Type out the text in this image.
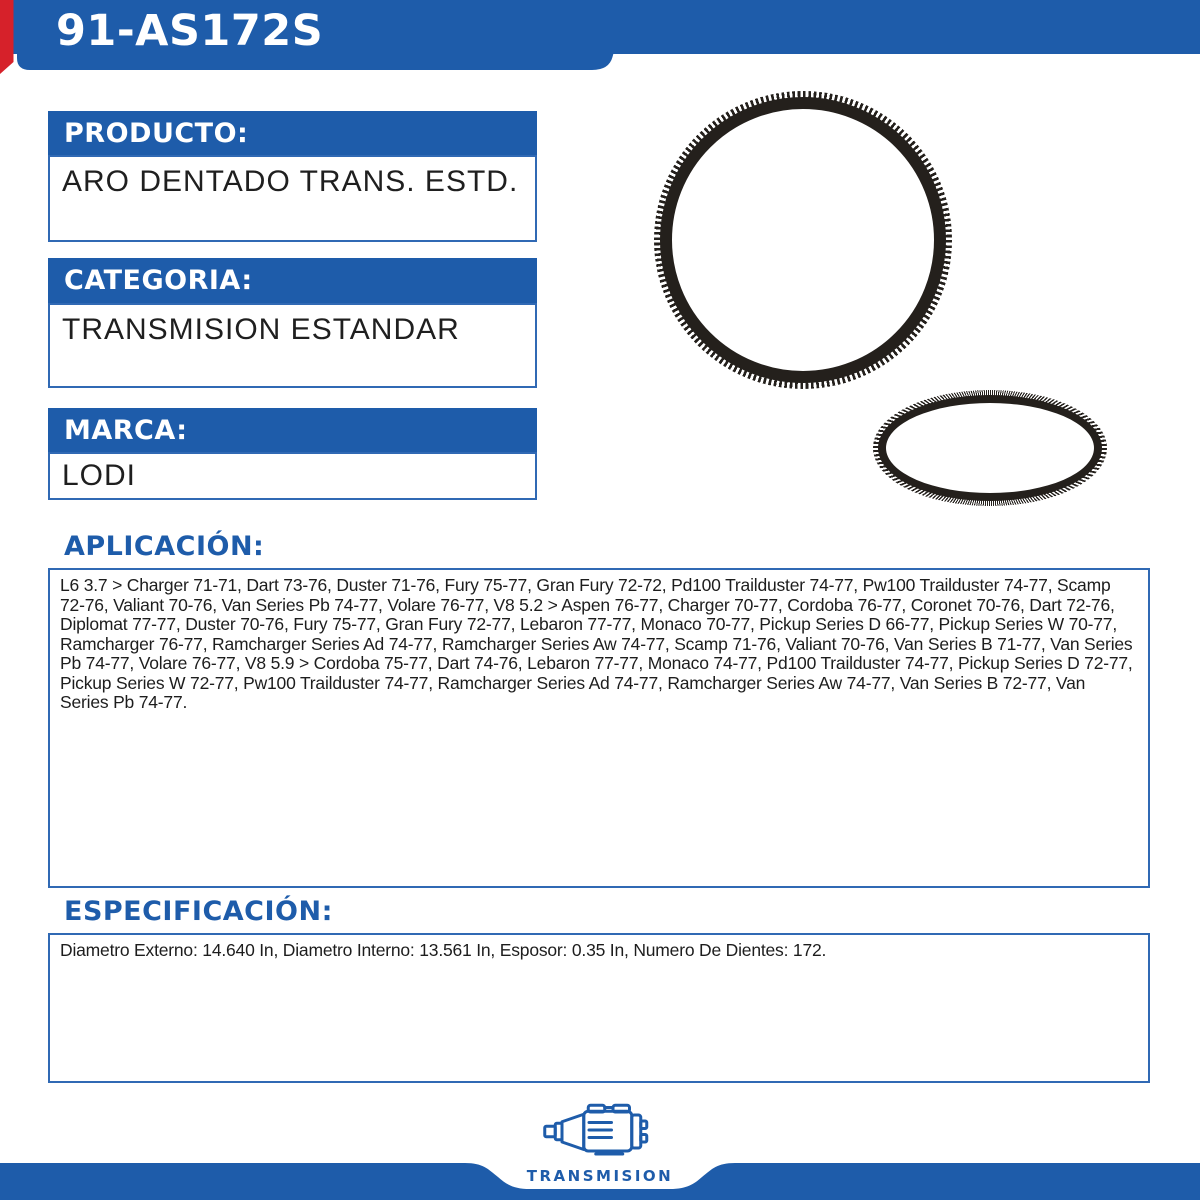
91-AS172S
PRODUCTO:
ARO DENTADO TRANS. ESTD.
CATEGORIA:
TRANSMISION ESTANDAR
MARCA:
LODI
APLICACIÓN:

L6 3.7 > Charger 71-71, Dart 73-76, Duster 71-76, Fury 75-77, Gran Fury 72-72, Pd100 Trailduster 74-77, Pw100 Trailduster 74-77, Scamp 72-76, Valiant 70-76, Van Series Pb 74-77, Volare 76-77, V8 5.2 > Aspen 76-77, Charger 70-77, Cordoba 76-77, Coronet 70-76, Dart 72-76, Diplomat 77-77, Duster 70-76, Fury 75-77, Gran Fury 72-77, Lebaron 77-77, Monaco 70-77, Pickup Series D 66-77, Pickup Series W 70-77, Ramcharger 76-77, Ramcharger Series Ad 74-77, Ramcharger Series Aw 74-77, Scamp 71-76, Valiant 70-76, Van Series B 71-77, Van Series Pb 74-77, Volare 76-77, V8 5.9 > Cordoba 75-77, Dart 74-76, Lebaron 77-77, Monaco 74-77, Pd100 Trailduster 74-77, Pickup Series D 72-77, Pickup Series W 72-77, Pw100 Trailduster 74-77, Ramcharger Series Ad 74-77, Ramcharger Series Aw 74-77, Van Series B 72-77, Van Series Pb 74-77.

ESPECIFICACIÓN:

Diametro Externo: 14.640 In, Diametro Interno: 13.561 In, Esposor: 0.35 In, Numero De Dientes: 172.

TRANSMISION
